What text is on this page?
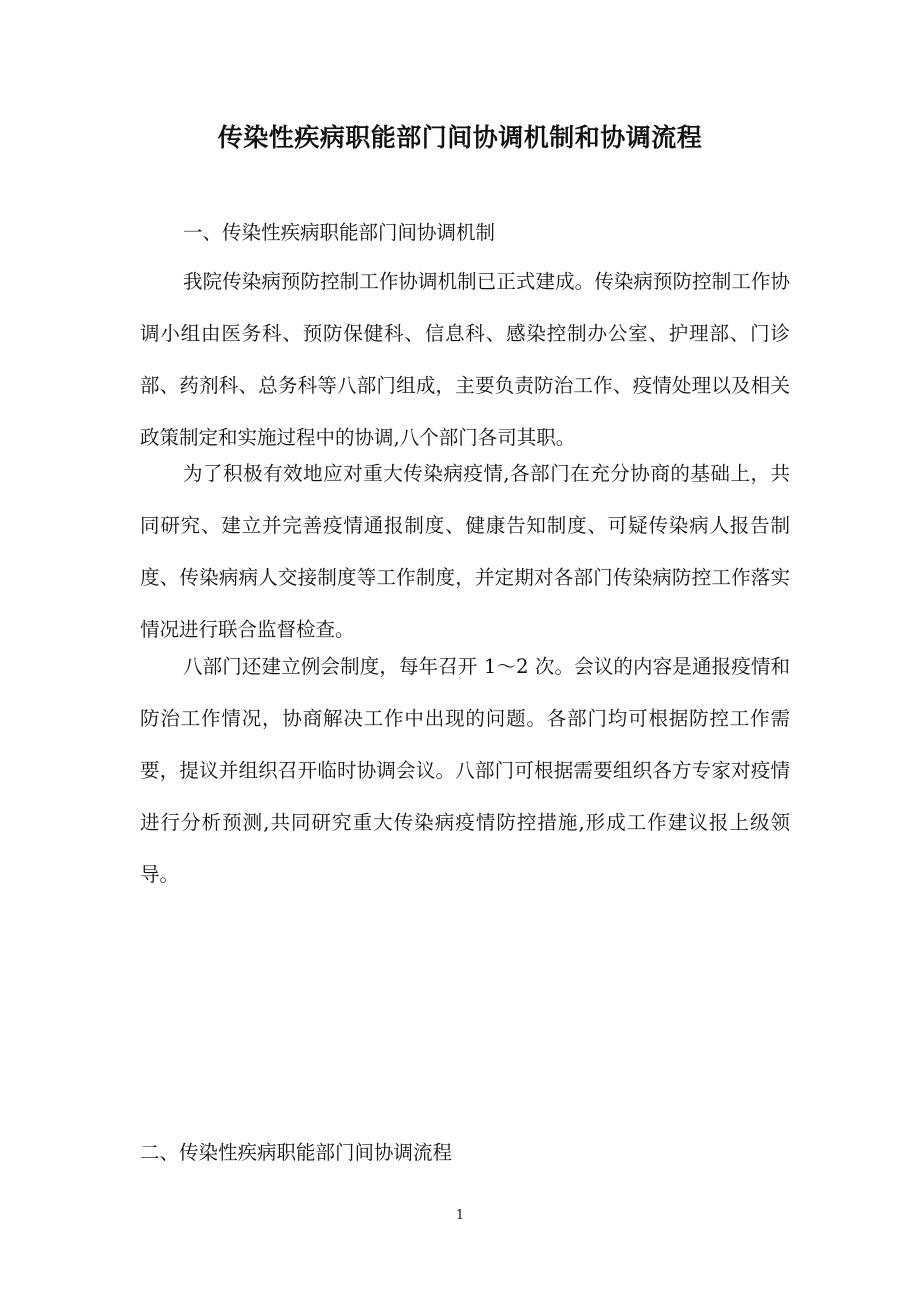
传染性疾病职能部门间协调机制和协调流程

一、传染性疾病职能部门间协调机制

我院传染病预防控制工作协调机制已正式建成。传染病预防控制工作协调小组由医务科、预防保健科、信息科、感染控制办公室、护理部、门诊部、药剂科、总务科等八部门组成，主要负责防治工作、疫情处理以及相关政策制定和实施过程中的协调,八个部门各司其职。

为了积极有效地应对重大传染病疫情,各部门在充分协商的基础上，共同研究、建立并完善疫情通报制度、健康告知制度、可疑传染病人报告制度、传染病病人交接制度等工作制度，并定期对各部门传染病防控工作落实情况进行联合监督检查。

八部门还建立例会制度，每年召开 1～2 次。会议的内容是通报疫情和防治工作情况，协商解决工作中出现的问题。各部门均可根据防控工作需要，提议并组织召开临时协调会议。八部门可根据需要组织各方专家对疫情进行分析预测,共同研究重大传染病疫情防控措施,形成工作建议报上级领导。

二、传染性疾病职能部门间协调流程

1
